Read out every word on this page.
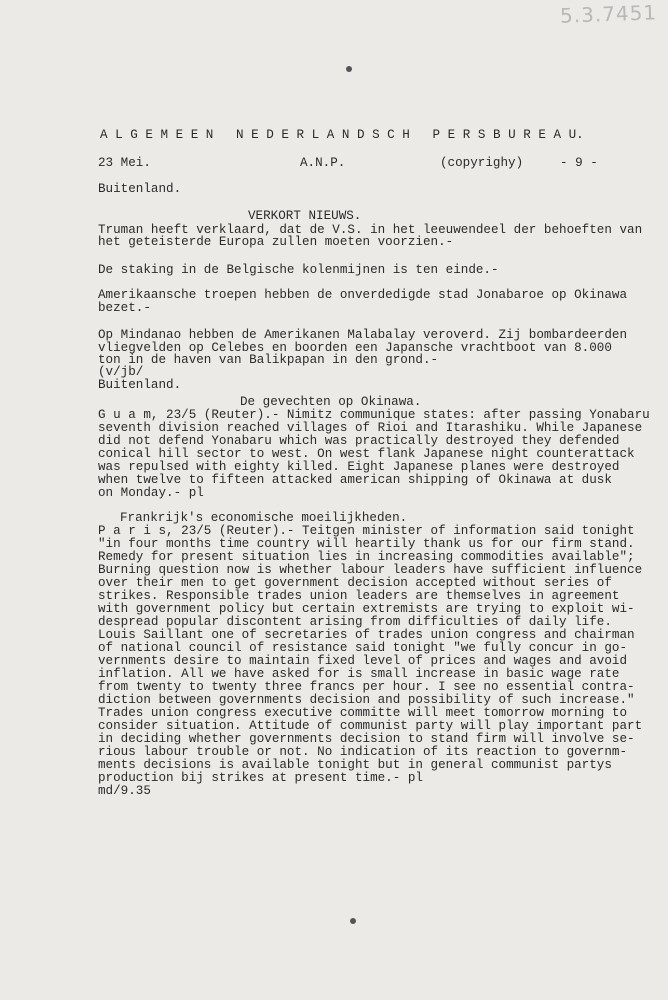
5.3.7451

A L G E M E E N   N E D E R L A N D S C H   P E R S B U R E A U.

23 Mei.

	A.N.P.

	(copyrighy)

	- 9 -

Buitenland.

VERKORT NIEUWS.

Truman heeft verklaard, dat de V.S. in het leeuwendeel der behoeften van

het geteisterde Europa zullen moeten voorzien.-

De staking in de Belgische kolenmijnen is ten einde.-

Amerikaansche troepen hebben de onverdedigde stad Jonabaroe op Okinawa

bezet.-

Op Mindanao hebben de Amerikanen Malabalay veroverd. Zij bombardeerden

vliegvelden op Celebes en boorden een Japansche vrachtboot van 8.000

ton in de haven van Balikpapan in den grond.-

(v/jb/

Buitenland.

De gevechten op Okinawa.

G u a m, 23/5 (Reuter).- Nimitz communique states: after passing Yonabaru

seventh division reached villages of Rioi and Itarashiku. While Japanese

did not defend Yonabaru which was practically destroyed they defended

conical hill sector to west. On west flank Japanese night counterattack

was repulsed with eighty killed. Eight Japanese planes were destroyed

when twelve to fifteen attacked american shipping of Okinawa at dusk

on Monday.- pl

Frankrijk's economische moeilijkheden.

P a r i s, 23/5 (Reuter).- Teitgen minister of information said tonight

"in four months time country will heartily thank us for our firm stand.

Remedy for present situation lies in increasing commodities available";

Burning question now is whether labour leaders have sufficient influence

over their men to get government decision accepted without series of

strikes. Responsible trades union leaders are themselves in agreement

with government policy but certain extremists are trying to exploit wi-

despread popular discontent arising from difficulties of daily life.

Louis Saillant one of secretaries of trades union congress and chairman

of national council of resistance said tonight "we fully concur in go-

vernments desire to maintain fixed level of prices and wages and avoid

inflation. All we have asked for is small increase in basic wage rate

from twenty to twenty three francs per hour. I see no essential contra-

diction between governments decision and possibility of such increase."

Trades union congress executive committe will meet tomorrow morning to

consider situation. Attitude of communist party will play important part

in deciding whether governments decision to stand firm will involve se-

rious labour trouble or not. No indication of its reaction to governm-

ments decisions is available tonight but in general communist partys

production bij strikes at present time.- pl

md/9.35
